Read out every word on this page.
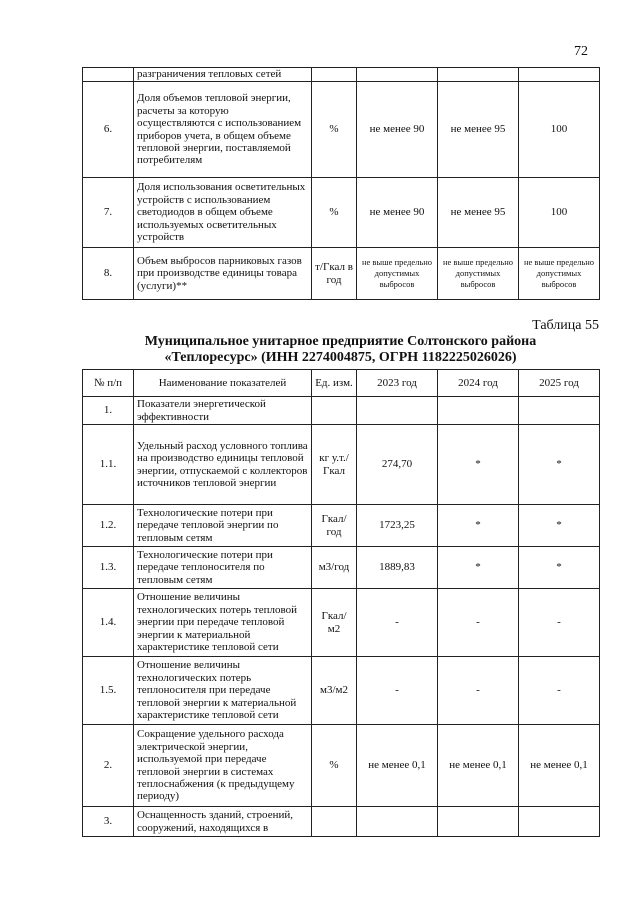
72
	разграничения тепловых сетей				
6.	Доля объемов тепловой энергии, расчеты за которую осуществляются с использованием приборов учета, в общем объеме тепловой энергии, поставляемой потребителям	%	не менее 90	не менее 95	100
7.	Доля использования осветительных устройств с использованием светодиодов в общем объеме используемых осветительных устройств	%	не менее 90	не менее 95	100
8.	Объем выбросов парниковых газов при производстве единицы товара (услуги)**	т/Гкал в год	не выше предельно допустимых выбросов	не выше предельно допустимых выбросов	не выше предельно допустимых выбросов
Таблица 55
Муниципальное унитарное предприятие Солтонского района
«Теплоресурс» (ИНН 2274004875, ОГРН 1182225026026)
№ п/п	Наименование показателей	Ед. изм.	2023 год	2024 год	2025 год
1.	Показатели энергетической эффективности				
1.1.	Удельный расход условного топлива на производство единицы тепловой энергии, отпускаемой с коллекторов источников тепловой энергии	кг у.т./ Гкал	274,70	*	*
1.2.	Технологические потери при передаче тепловой энергии по тепловым сетям	Гкал/ год	1723,25	*	*
1.3.	Технологические потери при передаче теплоносителя по тепловым сетям	м3/год	1889,83	*	*
1.4.	Отношение величины технологических потерь тепловой энергии при передаче тепловой энергии к материальной характеристике тепловой сети	Гкал/ м2	-	-	-
1.5.	Отношение величины технологических потерь теплоносителя при передаче тепловой энергии к материальной характеристике тепловой сети	м3/м2	-	-	-
2.	Сокращение удельного расхода электрической энергии, используемой при передаче тепловой энергии в системах теплоснабжения (к предыдущему периоду)	%	не менее 0,1	не менее 0,1	не менее 0,1
3.	Оснащенность зданий, строений, сооружений, находящихся в				
